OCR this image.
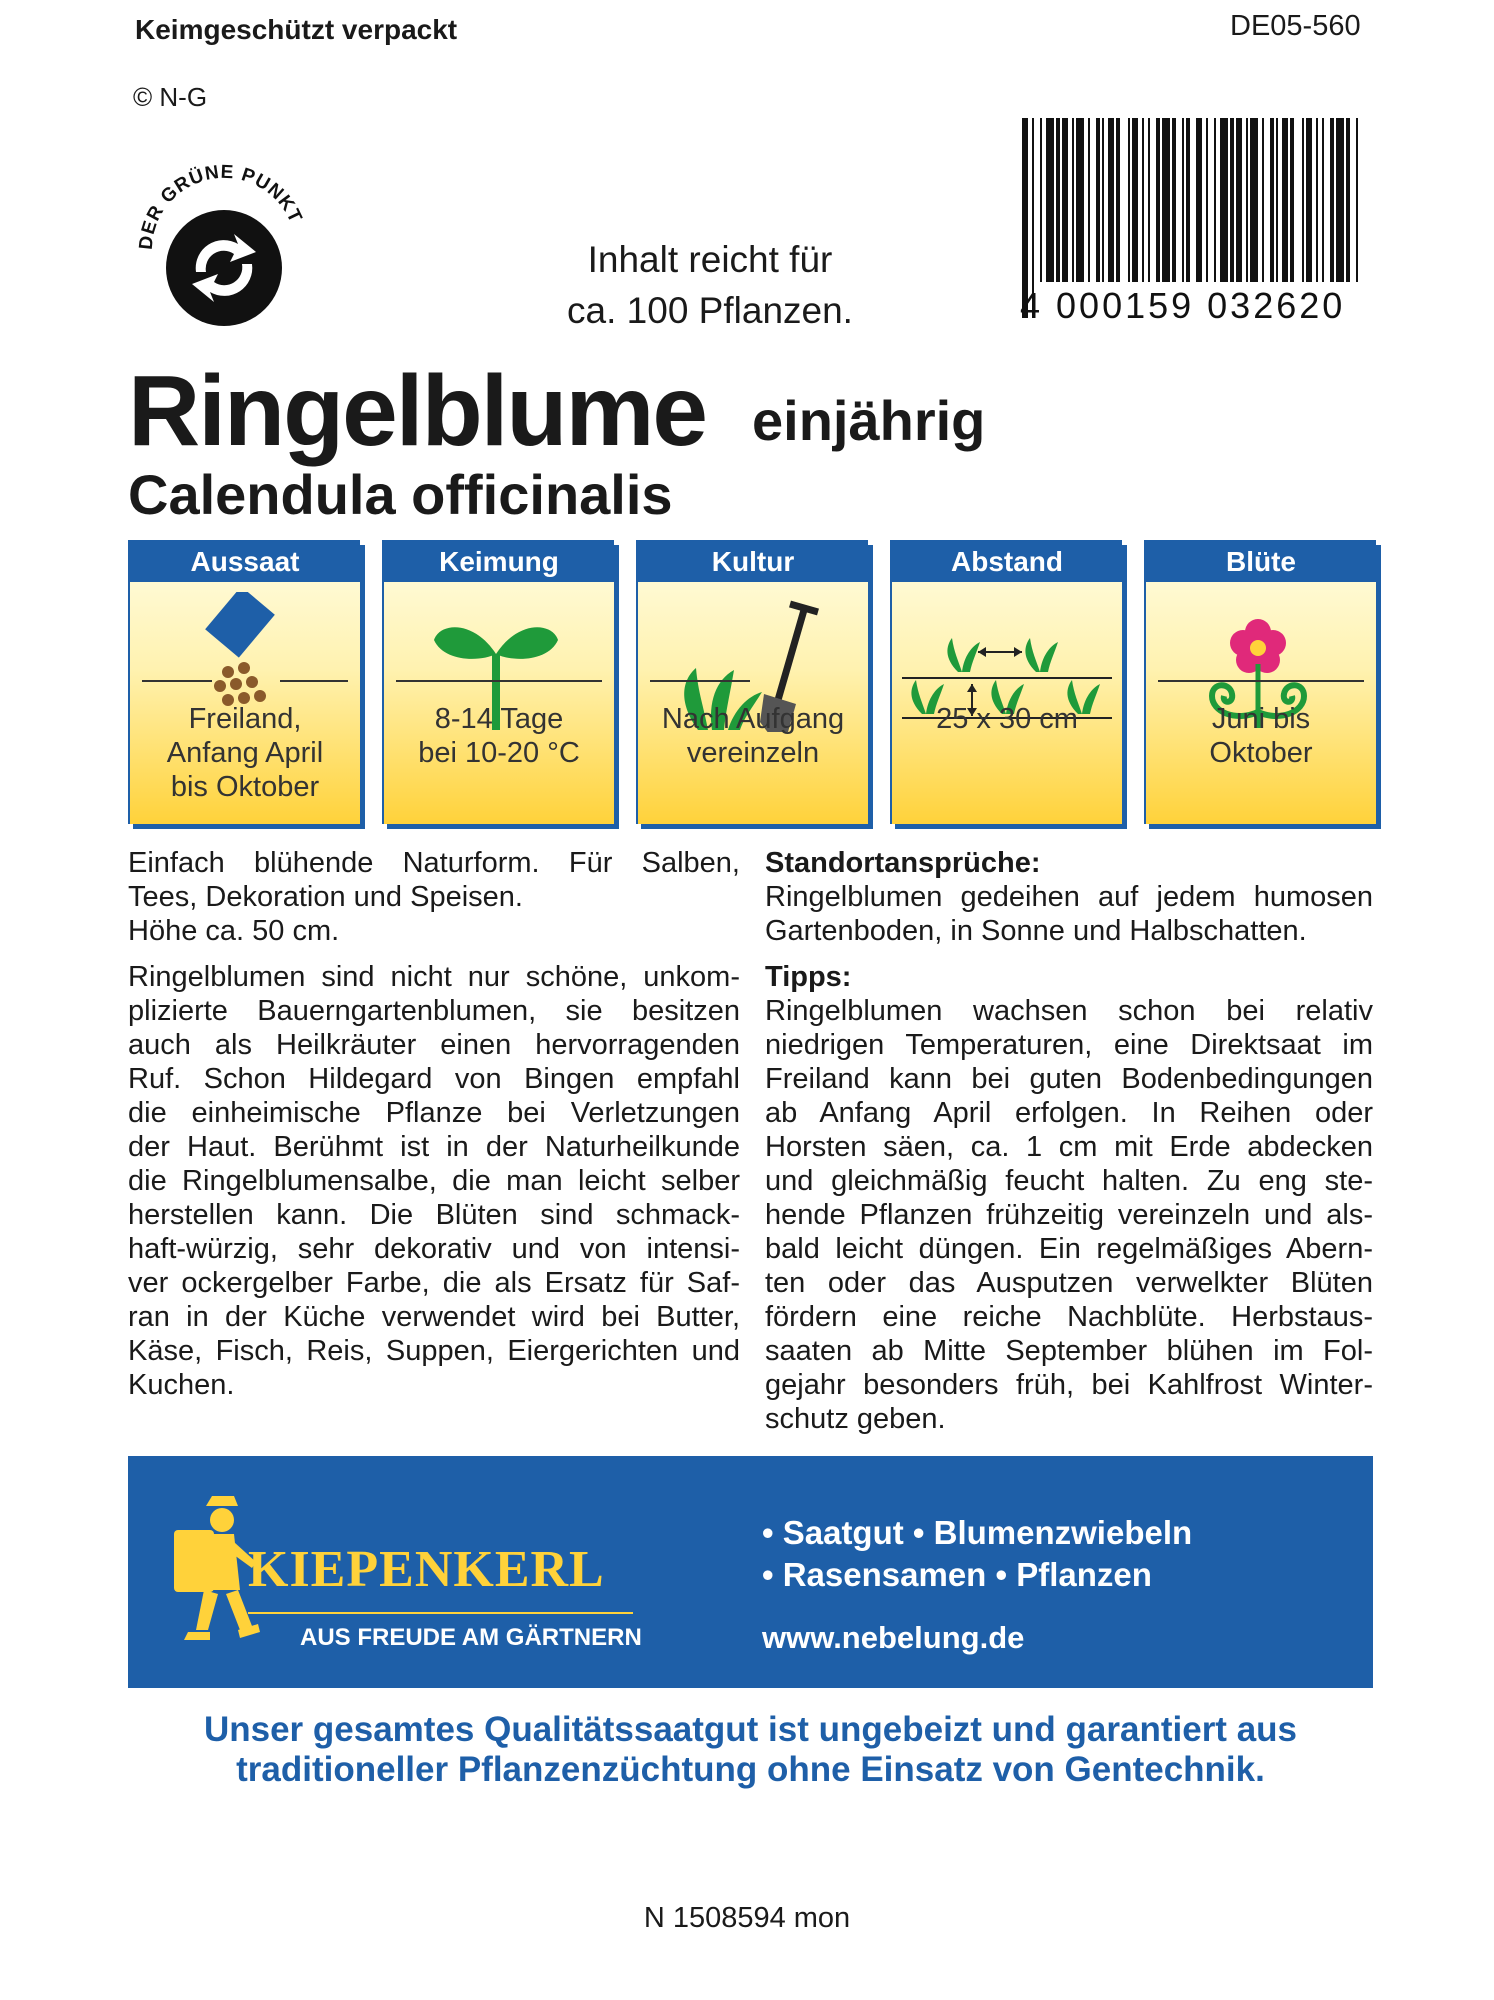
Keimgeschützt verpackt	DE05-560
© N-G
DER GRÜNE PUNKT
Inhalt reicht für
ca. 100 Pflanzen.	4 000159 032620
Ringelblume einjährig
Calendula officinalis
Aussaat
Freiland,
Anfang April
bis Oktober
Keimung
8-14 Tage
bei 10-20 °C
Kultur
Nach Aufgang
vereinzeln
Abstand
25 x 30 cm
Blüte
Juni bis
Oktober
Einfach blühende Naturform. Für Salben,
Tees, Dekoration und Speisen.
Höhe ca. 50 cm.
Ringelblumen sind nicht nur schöne, unkom-
plizierte Bauerngartenblumen, sie besitzen
auch als Heilkräuter einen hervorragenden
Ruf. Schon Hildegard von Bingen empfahl
die einheimische Pflanze bei Verletzungen
der Haut. Berühmt ist in der Naturheilkunde
die Ringelblumensalbe, die man leicht selber
herstellen kann. Die Blüten sind schmack-
haft-würzig, sehr dekorativ und von intensi-
ver ockergelber Farbe, die als Ersatz für Saf-
ran in der Küche verwendet wird bei Butter,
Käse, Fisch, Reis, Suppen, Eiergerichten und
Kuchen.
Standortansprüche:
Ringelblumen gedeihen auf jedem humosen
Gartenboden, in Sonne und Halbschatten.
Tipps:
Ringelblumen wachsen schon bei relativ
niedrigen Temperaturen, eine Direktsaat im
Freiland kann bei guten Bodenbedingungen
ab Anfang April erfolgen. In Reihen oder
Horsten säen, ca. 1 cm mit Erde abdecken
und gleichmäßig feucht halten. Zu eng ste-
hende Pflanzen frühzeitig vereinzeln und als-
bald leicht düngen. Ein regelmäßiges Abern-
ten oder das Ausputzen verwelkter Blüten
fördern eine reiche Nachblüte. Herbstaus-
saaten ab Mitte September blühen im Fol-
gejahr besonders früh, bei Kahlfrost Winter-
schutz geben.
KIEPENKERL
AUS FREUDE AM GÄRTNERN
• Saatgut • Blumenzwiebeln
• Rasensamen • Pflanzen
www.nebelung.de
Unser gesamtes Qualitätssaatgut ist ungebeizt und garantiert aus
traditioneller Pflanzenzüchtung ohne Einsatz von Gentechnik.
N 1508594 mon
